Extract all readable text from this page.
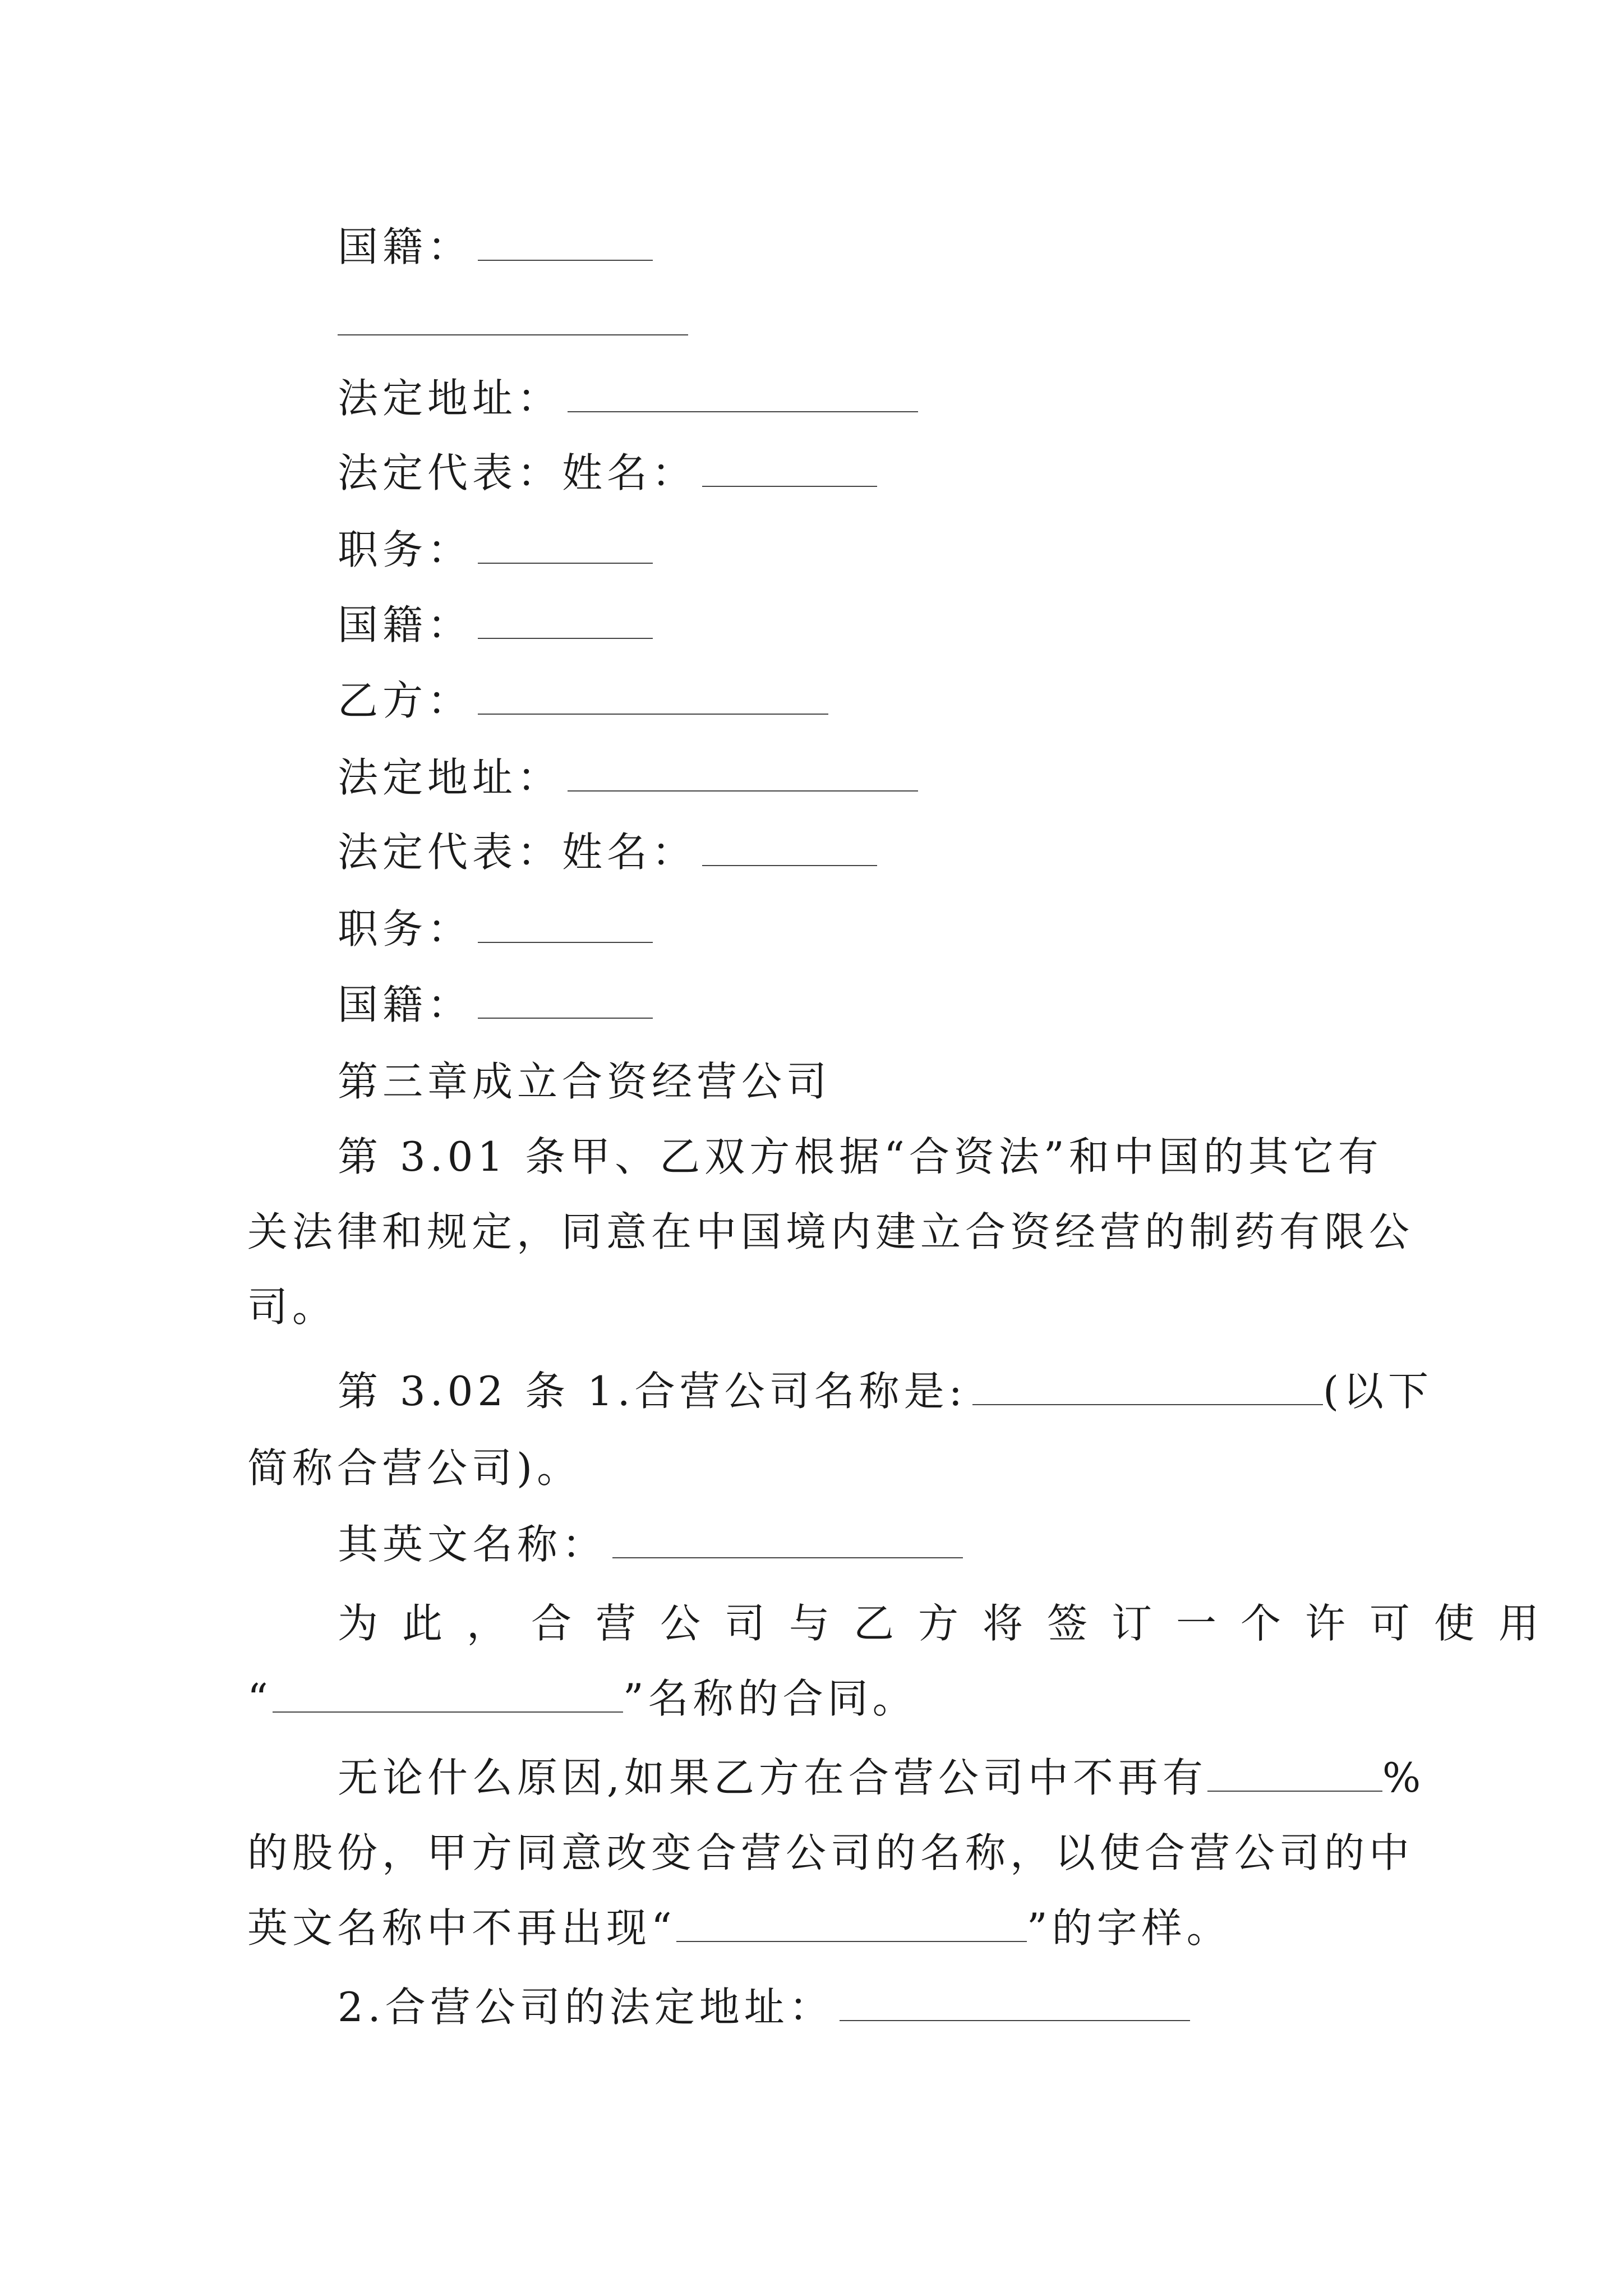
国籍：
法定地址：
法定代表：姓名：
职务：
国籍：
乙方：
法定地址：
法定代表：姓名：
职务：
国籍：
第三章成立合资经营公司
第 3.01 条甲、乙双方根据“合资法”和中国的其它有
关法律和规定，同意在中国境内建立合资经营的制药有限公
司。
第 3.02 条 1.合营公司名称是:	(以下
简称合营公司)。
其英文名称：
为此，合营公司与乙方将签订一个许可使用
“	”名称的合同。
无论什么原因,如果乙方在合营公司中不再有	%
的股份，甲方同意改变合营公司的名称，以使合营公司的中
英文名称中不再出现“	”的字样。
2.合营公司的法定地址：
